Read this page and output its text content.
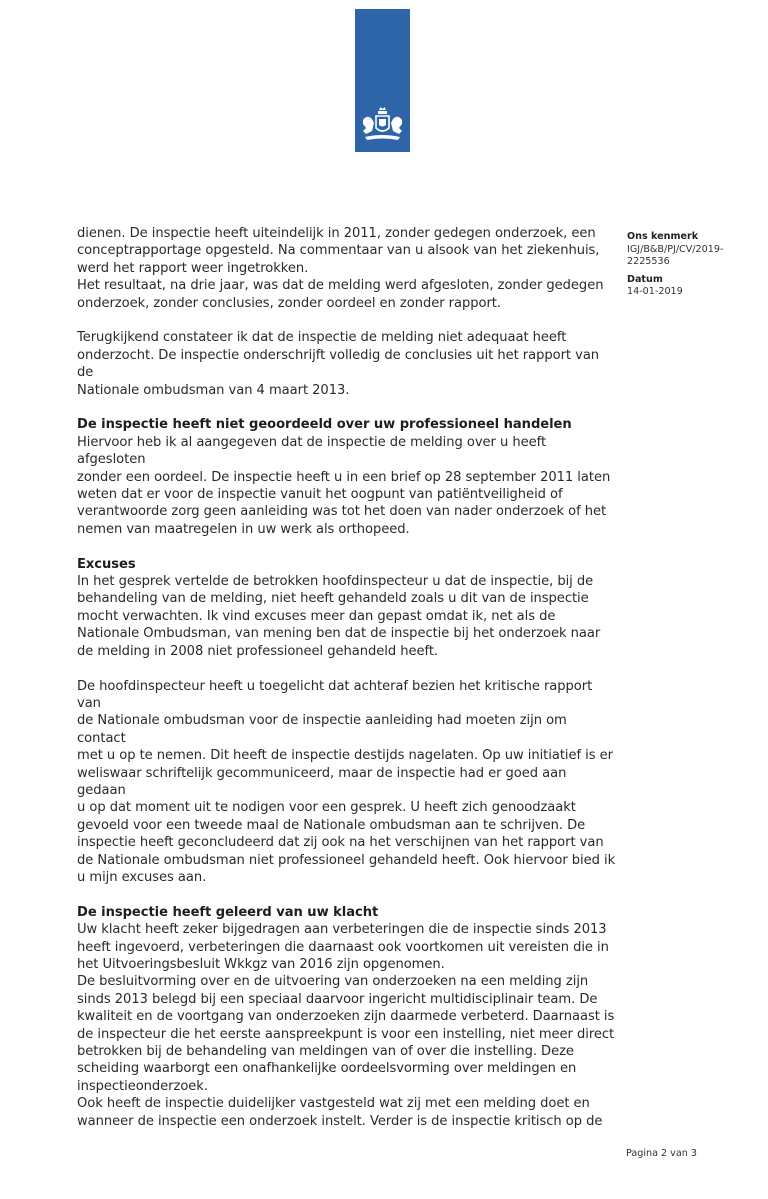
Ons kenmerk
IGJ/B&B/PJ/CV/2019-
2225536
Datum
14-01-2019

dienen. De inspectie heeft uiteindelijk in 2011, zonder gedegen onderzoek, een
conceptrapportage opgesteld. Na commentaar van u alsook van het ziekenhuis,
werd het rapport weer ingetrokken.
Het resultaat, na drie jaar, was dat de melding werd afgesloten, zonder gedegen
onderzoek, zonder conclusies, zonder oordeel en zonder rapport.

Terugkijkend constateer ik dat de inspectie de melding niet adequaat heeft
onderzocht. De inspectie onderschrijft volledig de conclusies uit het rapport van de
Nationale ombudsman van 4 maart 2013.

De inspectie heeft niet geoordeeld over uw professioneel handelen

Hiervoor heb ik al aangegeven dat de inspectie de melding over u heeft afgesloten
zonder een oordeel. De inspectie heeft u in een brief op 28 september 2011 laten
weten dat er voor de inspectie vanuit het oogpunt van patiëntveiligheid of
verantwoorde zorg geen aanleiding was tot het doen van nader onderzoek of het
nemen van maatregelen in uw werk als orthopeed.

Excuses

In het gesprek vertelde de betrokken hoofdinspecteur u dat de inspectie, bij de
behandeling van de melding, niet heeft gehandeld zoals u dit van de inspectie
mocht verwachten. Ik vind excuses meer dan gepast omdat ik, net als de
Nationale Ombudsman, van mening ben dat de inspectie bij het onderzoek naar
de melding in 2008 niet professioneel gehandeld heeft.

De hoofdinspecteur heeft u toegelicht dat achteraf bezien het kritische rapport van
de Nationale ombudsman voor de inspectie aanleiding had moeten zijn om contact
met u op te nemen. Dit heeft de inspectie destijds nagelaten. Op uw initiatief is er
weliswaar schriftelijk gecommuniceerd, maar de inspectie had er goed aan gedaan
u op dat moment uit te nodigen voor een gesprek. U heeft zich genoodzaakt
gevoeld voor een tweede maal de Nationale ombudsman aan te schrijven. De
inspectie heeft geconcludeerd dat zij ook na het verschijnen van het rapport van
de Nationale ombudsman niet professioneel gehandeld heeft. Ook hiervoor bied ik
u mijn excuses aan.

De inspectie heeft geleerd van uw klacht

Uw klacht heeft zeker bijgedragen aan verbeteringen die de inspectie sinds 2013
heeft ingevoerd, verbeteringen die daarnaast ook voortkomen uit vereisten die in
het Uitvoeringsbesluit Wkkgz van 2016 zijn opgenomen.
De besluitvorming over en de uitvoering van onderzoeken na een melding zijn
sinds 2013 belegd bij een speciaal daarvoor ingericht multidisciplinair team. De
kwaliteit en de voortgang van onderzoeken zijn daarmede verbeterd. Daarnaast is
de inspecteur die het eerste aanspreekpunt is voor een instelling, niet meer direct
betrokken bij de behandeling van meldingen van of over die instelling. Deze
scheiding waarborgt een onafhankelijke oordeelsvorming over meldingen en
inspectieonderzoek.
Ook heeft de inspectie duidelijker vastgesteld wat zij met een melding doet en
wanneer de inspectie een onderzoek instelt. Verder is de inspectie kritisch op de

Pagina 2 van 3
